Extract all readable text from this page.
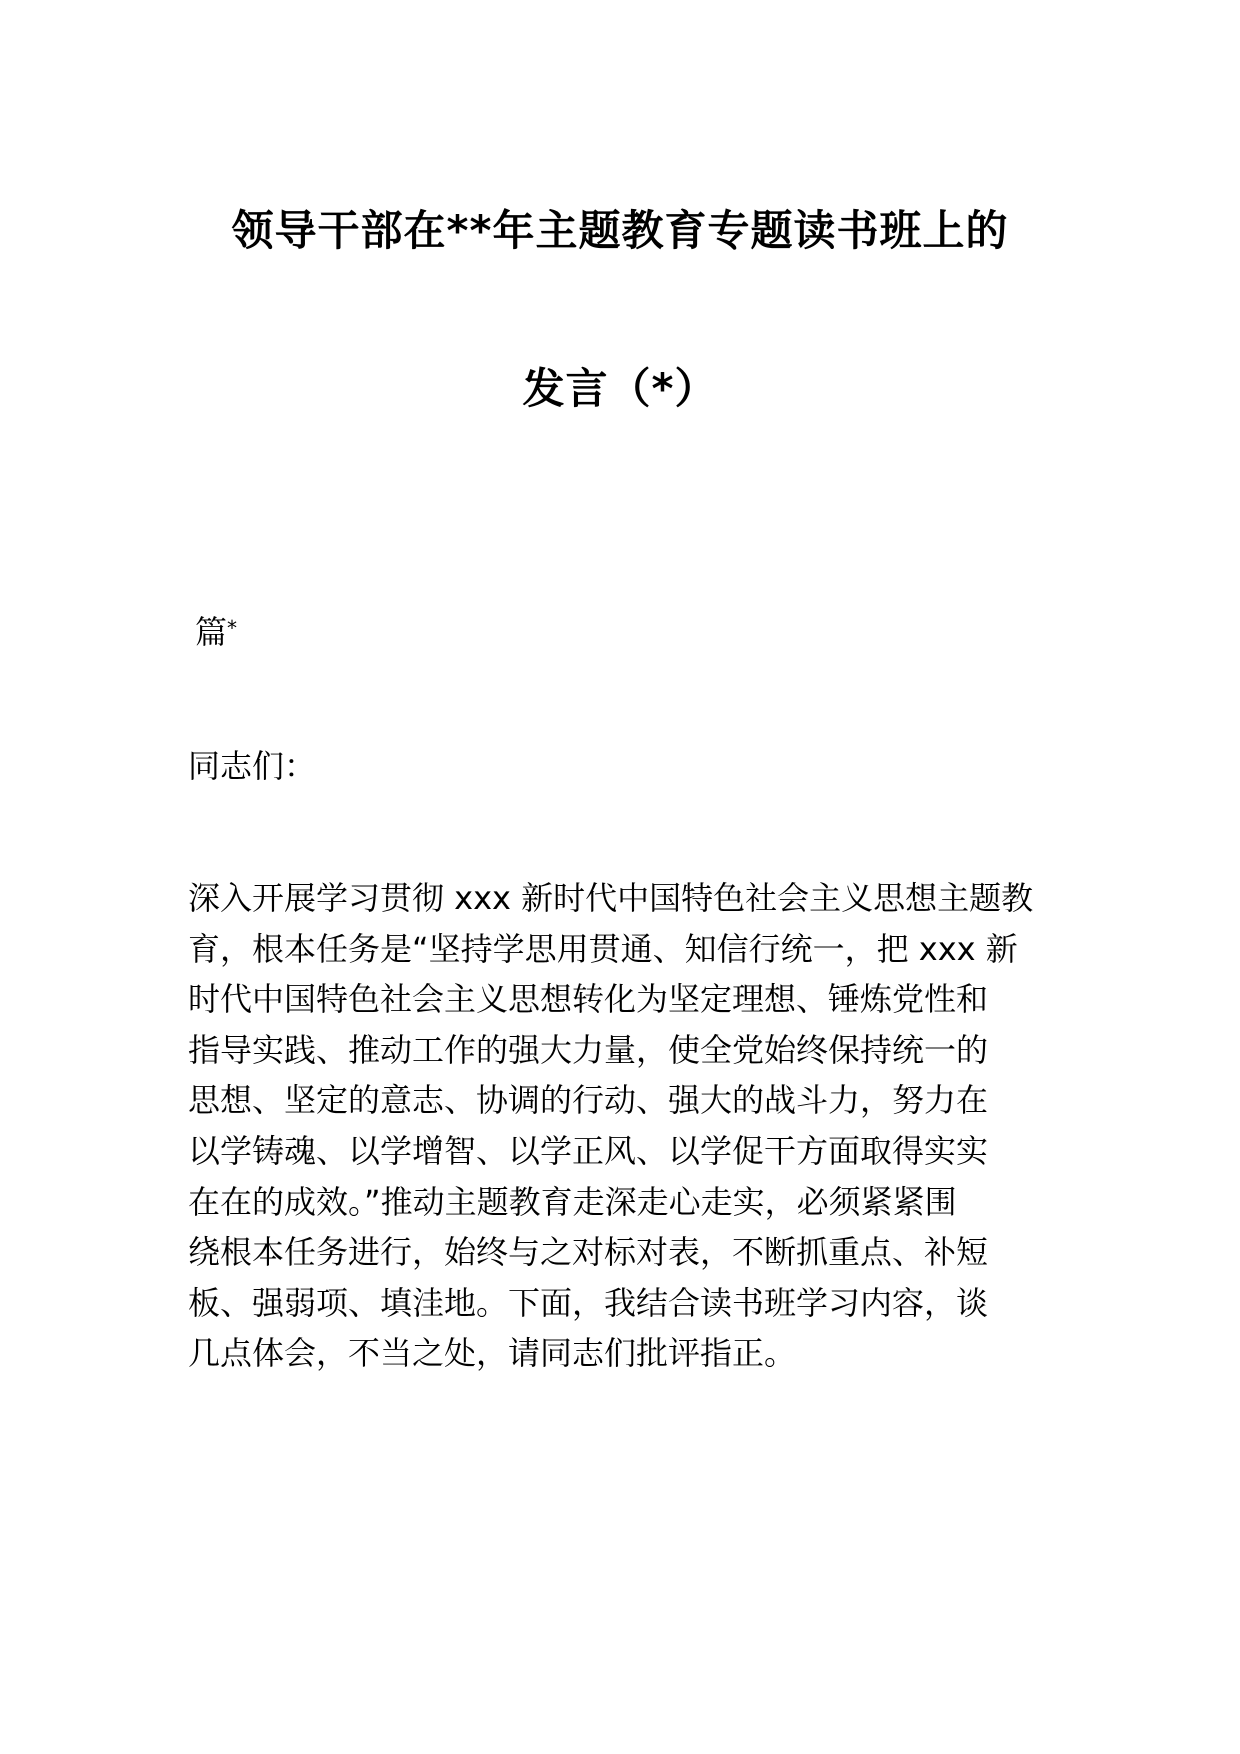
领导干部在**年主题教育专题读书班上的
发言（*）
篇*
同志们：
深入开展学习贯彻 xxx 新时代中国特色社会主义思想主题教
育，根本任务是“坚持学思用贯通、知信行统一，把 xxx 新
时代中国特色社会主义思想转化为坚定理想、锤炼党性和
指导实践、推动工作的强大力量，使全党始终保持统一的
思想、坚定的意志、协调的行动、强大的战斗力，努力在
以学铸魂、以学增智、以学正风、以学促干方面取得实实
在在的成效。”推动主题教育走深走心走实，必须紧紧围
绕根本任务进行，始终与之对标对表，不断抓重点、补短
板、强弱项、填洼地。下面，我结合读书班学习内容，谈
几点体会，不当之处，请同志们批评指正。
